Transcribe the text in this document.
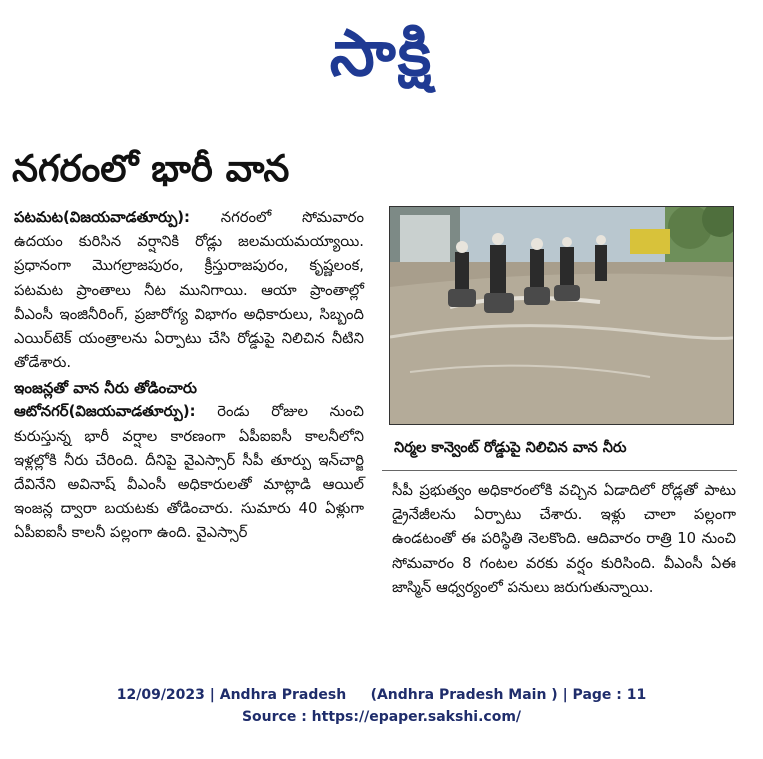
సాక్షి
నగరంలో భారీ వాన

పటమట(విజయవాడతూర్పు): నగరంలో సోమవారం ఉదయం కురిసిన వర్షానికి రోడ్లు జలమయమయ్యాయి. ప్రధానంగా మొగల్రాజపురం, క్రీస్తురాజపురం, కృష్ణలంక, పటమట ప్రాంతాలు నీట మునిగాయి. ఆయా ప్రాంతాల్లో వీఎంసీ ఇంజినీరింగ్, ప్రజారోగ్య విభాగం అధికారులు, సిబ్బంది ఎయిర్‌టెక్ యంత్రాలను ఏర్పాటు చేసి రోడ్డుపై నిలిచిన నీటిని తోడేశారు.

ఇంజన్లతో వాన నీరు తోడించారు

ఆటోనగర్(విజయవాడతూర్పు): రెండు రోజుల నుంచి కురుస్తున్న భారీ వర్షాల కారణంగా ఏపీఐఐసీ కాలనీలోని ఇళ్లల్లోకి నీరు చేరింది. దీనిపై వైఎస్సార్ సీపీ తూర్పు ఇన్‌చార్జి దేవినేని అవినాష్ వీఎంసీ అధికారులతో మాట్లాడి ఆయిల్ ఇంజన్ల ద్వారా బయటకు తోడించారు. సుమారు 40 ఏళ్లుగా ఏపీఐఐసీ కాలనీ పల్లంగా ఉంది. వైఎస్సార్

నిర్మల కాన్వెంట్ రోడ్డుపై నిలిచిన వాన నీరు

సీపీ ప్రభుత్వం అధికారంలోకి వచ్చిన ఏడాదిలో రోడ్లతో పాటు డ్రైనేజీలను ఏర్పాటు చేశారు. ఇళ్లు చాలా పల్లంగా ఉండటంతో ఈ పరిస్థితి నెలకొంది. ఆదివారం రాత్రి 10 నుంచి సోమవారం 8 గంటల వరకు వర్షం కురిసింది. వీఎంసీ ఏఈ జాస్మిన్ ఆధ్వర్యంలో పనులు జరుగుతున్నాయి.

12/09/2023 | Andhra Pradesh     (Andhra Pradesh Main ) | Page : 11
Source : https://epaper.sakshi.com/
